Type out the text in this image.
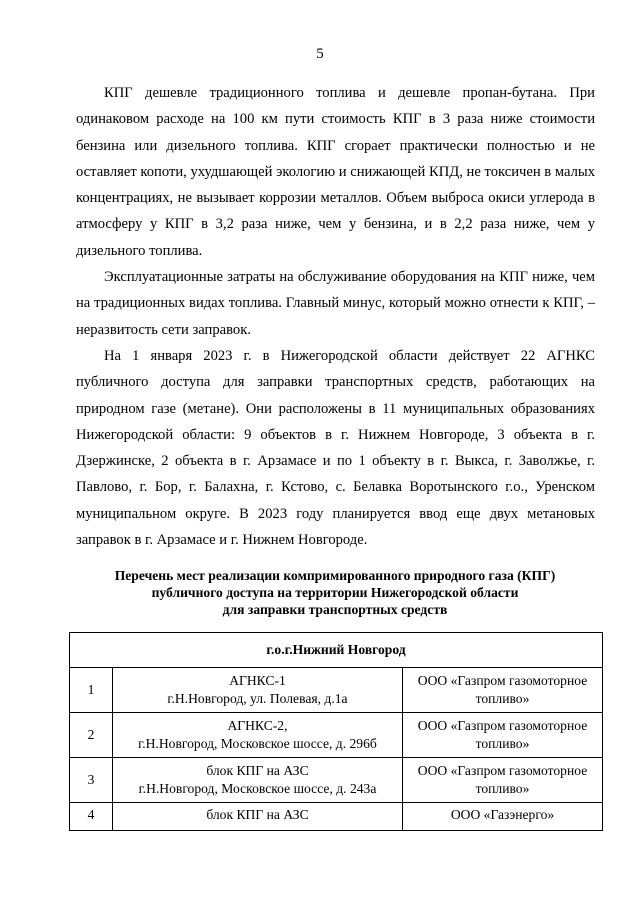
5

КПГ дешевле традиционного топлива и дешевле пропан-бутана. При одинаковом расходе на 100 км пути стоимость КПГ в 3 раза ниже стоимости бензина или дизельного топлива. КПГ сгорает практически полностью и не оставляет копоти, ухудшающей экологию и снижающей КПД, не токсичен в малых концентрациях, не вызывает коррозии металлов. Объем выброса окиси углерода в атмосферу у КПГ в 3,2 раза ниже, чем у бензина, и в 2,2 раза ниже, чем у дизельного топлива.

Эксплуатационные затраты на обслуживание оборудования на КПГ ниже, чем на традиционных видах топлива. Главный минус, который можно отнести к КПГ, – неразвитость сети заправок.

На 1 января 2023 г. в Нижегородской области действует 22 АГНКС публичного доступа для заправки транспортных средств, работающих на природном газе (метане). Они расположены в 11 муниципальных образованиях Нижегородской области: 9 объектов в г. Нижнем Новгороде, 3 объекта в г. Дзержинске, 2 объекта в г. Арзамасе и по 1 объекту в г. Выкса, г. Заволжье, г. Павлово, г. Бор, г. Балахна, г. Кстово, с. Белавка Воротынского г.о., Уренском муниципальном округе. В 2023 году планируется ввод еще двух метановых заправок в г. Арзамасе и г. Нижнем Новгороде.

Перечень мест реализации компримированного природного газа (КПГ)
публичного доступа на территории Нижегородской области
для заправки транспортных средств
г.о.г.Нижний Новгород		
1	АГНКС-1
г.Н.Новгород, ул. Полевая, д.1а	ООО «Газпром газомоторное
топливо»

2	АГНКС-2,
г.Н.Новгород, Московское шоссе, д. 296б	ООО «Газпром газомоторное
топливо»

3	блок КПГ на АЗС
г.Н.Новгород, Московское шоссе, д. 243а	ООО «Газпром газомоторное
топливо»

4	блок КПГ на АЗС	ООО «Газэнерго»
